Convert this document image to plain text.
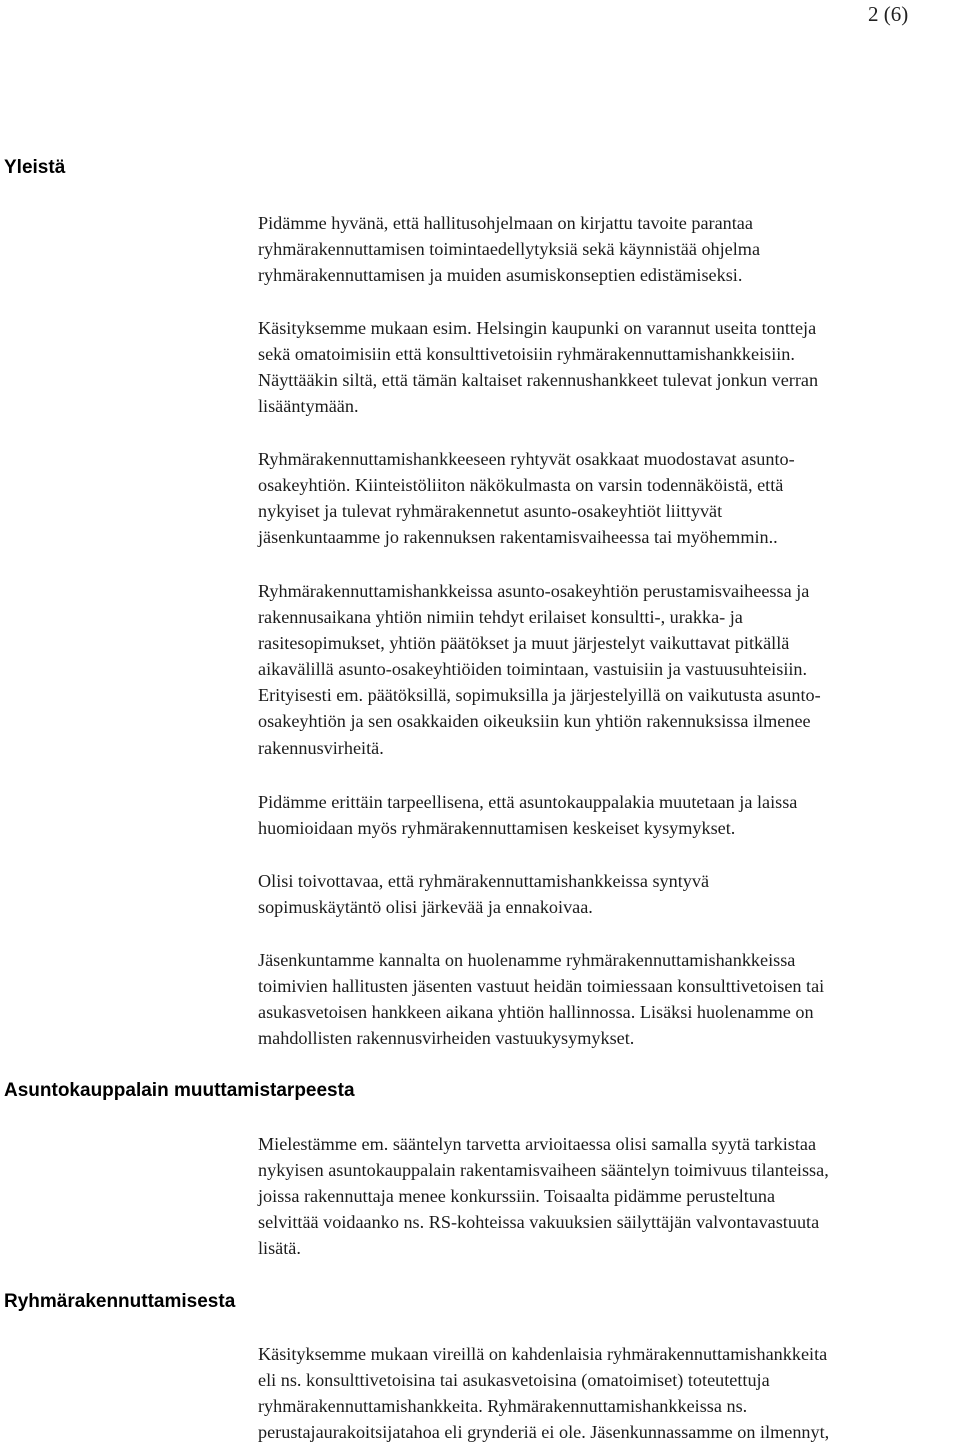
2 (6)
Yleistä

Pidämme hyvänä, että hallitusohjelmaan on kirjattu tavoite parantaa
ryhmärakennuttamisen toimintaedellytyksiä sekä käynnistää ohjelma
ryhmärakennuttamisen ja muiden asumiskonseptien edistämiseksi.

Käsityksemme mukaan esim. Helsingin kaupunki on varannut useita tontteja
sekä omatoimisiin että konsulttivetoisiin ryhmärakennuttamishankkeisiin.
Näyttääkin siltä, että tämän kaltaiset rakennushankkeet tulevat jonkun verran
lisääntymään.

Ryhmärakennuttamishankkeeseen ryhtyvät osakkaat muodostavat asunto-
osakeyhtiön. Kiinteistöliiton näkökulmasta on varsin todennäköistä, että
nykyiset ja tulevat ryhmärakennetut asunto-osakeyhtiöt liittyvät
jäsenkuntaamme jo rakennuksen rakentamisvaiheessa tai myöhemmin..

Ryhmärakennuttamishankkeissa asunto-osakeyhtiön perustamisvaiheessa ja
rakennusaikana yhtiön nimiin tehdyt erilaiset konsultti-, urakka- ja
rasitesopimukset, yhtiön päätökset ja muut järjestelyt vaikuttavat pitkällä
aikavälillä asunto-osakeyhtiöiden toimintaan, vastuisiin ja vastuusuhteisiin.
Erityisesti em. päätöksillä, sopimuksilla ja järjestelyillä on vaikutusta asunto-
osakeyhtiön ja sen osakkaiden oikeuksiin kun yhtiön rakennuksissa ilmenee
rakennusvirheitä.

Pidämme erittäin tarpeellisena, että asuntokauppalakia muutetaan ja laissa
huomioidaan myös ryhmärakennuttamisen keskeiset kysymykset.

Olisi toivottavaa, että ryhmärakennuttamishankkeissa syntyvä
sopimuskäytäntö olisi järkevää ja ennakoivaa.

Jäsenkuntamme kannalta on huolenamme ryhmärakennuttamishankkeissa
toimivien hallitusten jäsenten vastuut heidän toimiessaan konsulttivetoisen tai
asukasvetoisen hankkeen aikana yhtiön hallinnossa. Lisäksi huolenamme on
mahdollisten rakennusvirheiden vastuukysymykset.

Asuntokauppalain muuttamistarpeesta

Mielestämme em. sääntelyn tarvetta arvioitaessa olisi samalla syytä tarkistaa
nykyisen asuntokauppalain rakentamisvaiheen sääntelyn toimivuus tilanteissa,
joissa rakennuttaja menee konkurssiin. Toisaalta pidämme perusteltuna
selvittää voidaanko ns. RS-kohteissa vakuuksien säilyttäjän valvontavastuuta
lisätä.

Ryhmärakennuttamisesta

Käsityksemme mukaan vireillä on kahdenlaisia ryhmärakennuttamishankkeita
eli ns. konsulttivetoisina tai asukasvetoisina (omatoimiset) toteutettuja
ryhmärakennuttamishankkeita. Ryhmärakennuttamishankkeissa ns.
perustajaurakoitsijatahoa eli grynderiä ei ole. Jäsenkunnassamme on ilmennyt,
